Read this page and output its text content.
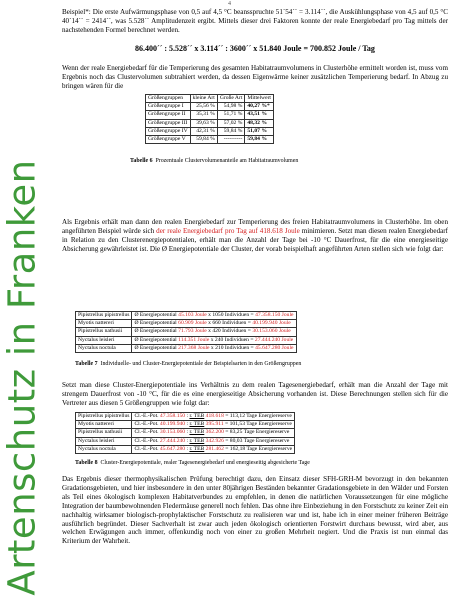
4
Artenschutz in Franken
Beispiel*: Die erste Aufwärmungsphase von 0,5 auf 4,5 °C beansspruchte 51´54´´ = 3.114´´, die Auskühlungsphase von 4,5 auf 0,5 °C 40´14´´ = 2414´´, was 5.528´´ Amplitudenzeit ergibt. Mittels dieser drei Faktoren konnte der reale Energiebedarf pro Tag mittels der nachstehenden Formel berechnet werden.
86.400´´ : 5.528´´ x 3.114´´ : 3600´´ x 51.840 Joule = 700.852 Joule / Tag
Wenn der reale Energiebedarf für die Temperierung des gesamten Habitatraumvolumens in Clusterhöhe ermittelt worden ist, muss vom Ergebnis noch das Clustervolumen subtrahiert werden, da dessen Eigenwärme keiner zusätzlichen Temperierung bedarf. In Abzug zu bringen wären für die
Größengruppen	kleine Art	Große Art	Mittelwert
Größengruppe I	25,56 %	54,98 %	40,27 %*
Größengruppe II	35,31 %	51,71 %	43,51 %
Größengruppe III	39,63 %	57,02 %	48,32 %
Größengruppe IV	42,31 %	59,84 %	51,07 %
Größengruppe V	59,84 %	----------	59,84 %
Tabelle 6 Prozentuale Clustervolumenanteile am Habitatraumvolumen
Als Ergebnis erhält man dann den realen Energiebedarf zur Temperierung des freien Habitatraumvolumens in Clusterhöhe. Im oben angeführten Beispiel würde sich der reale Energiebedarf pro Tag auf 418.618 Joule minimieren. Setzt man diesen realen Energiebedarf in Relation zu den Clusterenergiepotentialen, erhält man die Anzahl der Tage bei -10 °C Dauerfrost, für die eine energieseitige Absicherung gewährleistet ist. Die Ø Energiepotentiale der Cluster, der vorab beispielhaft angeführten Arten stellen sich wie folgt dar:
Pipistrellus pipistrellus	Ø Energiepotential 45.103 Joule x 1050 Individuen = 47.358.150 Joule
Myotis nattereri	Ø Energiepotential 60.909 Joule x 660 Individuen = 40.199.940 Joule
Pipistrellus nathusii	Ø Energiepotential 71.793 Joule x 420 Individuen = 30.153.060 Joule
Nyctalus leisleri	Ø Energiepotential 114.351 Joule x 240 Individuen = 27.444.240 Joule
Nyctalus noctula	Ø Energiepotential 217.368 Joule x 210 Individuen = 45.647.280 Joule
Tabelle 7 Individuelle- und Cluster-Energiepotentiale der Beispielsarten in den Größengruppen
Setzt man diese Cluster-Energiepotentiale ins Verhältnis zu dem realen Tagesenergiebedarf, erhält man die Anzahl der Tage mit strengem Dauerfrost von -10 °C, für die es eine energieseitige Absicherung vorhanden ist. Diese Berechnungen stellen sich für die Vertreter aus diesen 5 Größengruppen wie folgt dar:
Pipistrellus pipistrellus	Cl.-E.-Pot. 47.358.150 : r. TEB 418.618 = 113,12 Tage Energiereserve
Myotis nattereri	Cl.-E.-Pot. 40.199.940 : r. TEB 395.911 = 101,53 Tage Energiereserve
Pipistrellus nathusii	Cl.-E.-Pot. 30.153.060 : r. TEB 362.200 = 83,25 Tage Energiereserve
Nyctalus leisleri	Cl.-E.-Pot. 27.444.240 : r. TEB 342.926 = 80,03 Tage Energiereserve
Nyctalus noctula	Cl.-E.-Pot. 45.647.280 : r. TEB 281.462 = 162,18 Tage Energiereserve
Tabelle 8 Cluster-Energiepotentiale, realer Tagesenergiebedarf und energieseitig abgesicherte Tage
Das Ergebnis dieser thermophysikalischen Prüfung berechtigt dazu, den Einsatz dieser SFH-GRH-M bevorzugt in den bekannten Gradationsgebieten, und hier insbesondere in den unter 80jährigen Beständen bekannter Gradationsgebiete in den Wälder und Forsten als Teil eines ökologisch komplexen Habitatverbundes zu empfehlen, in denen die natürlichen Voraussetzungen für eine mögliche Integration der baumbewohnenden Fledermäuse generell noch fehlen. Das ohne ihre Einbeziehung in den Forstschutz zu keiner Zeit ein nachhaltig wirksamer biologisch-prophylaktischer Forstschutz zu realisieren war und ist, habe ich in einer meiner früheren Beiträge ausführlich begründet. Dieser Sachverhalt ist zwar auch jeden ökologisch orientierten Forstwirt durchaus bewusst, wird aber, aus welchen Erwägungen auch immer, offenkundig noch von einer zu großen Mehrheit negiert. Und die Praxis ist nun einmal das Kriterium der Wahrheit.
